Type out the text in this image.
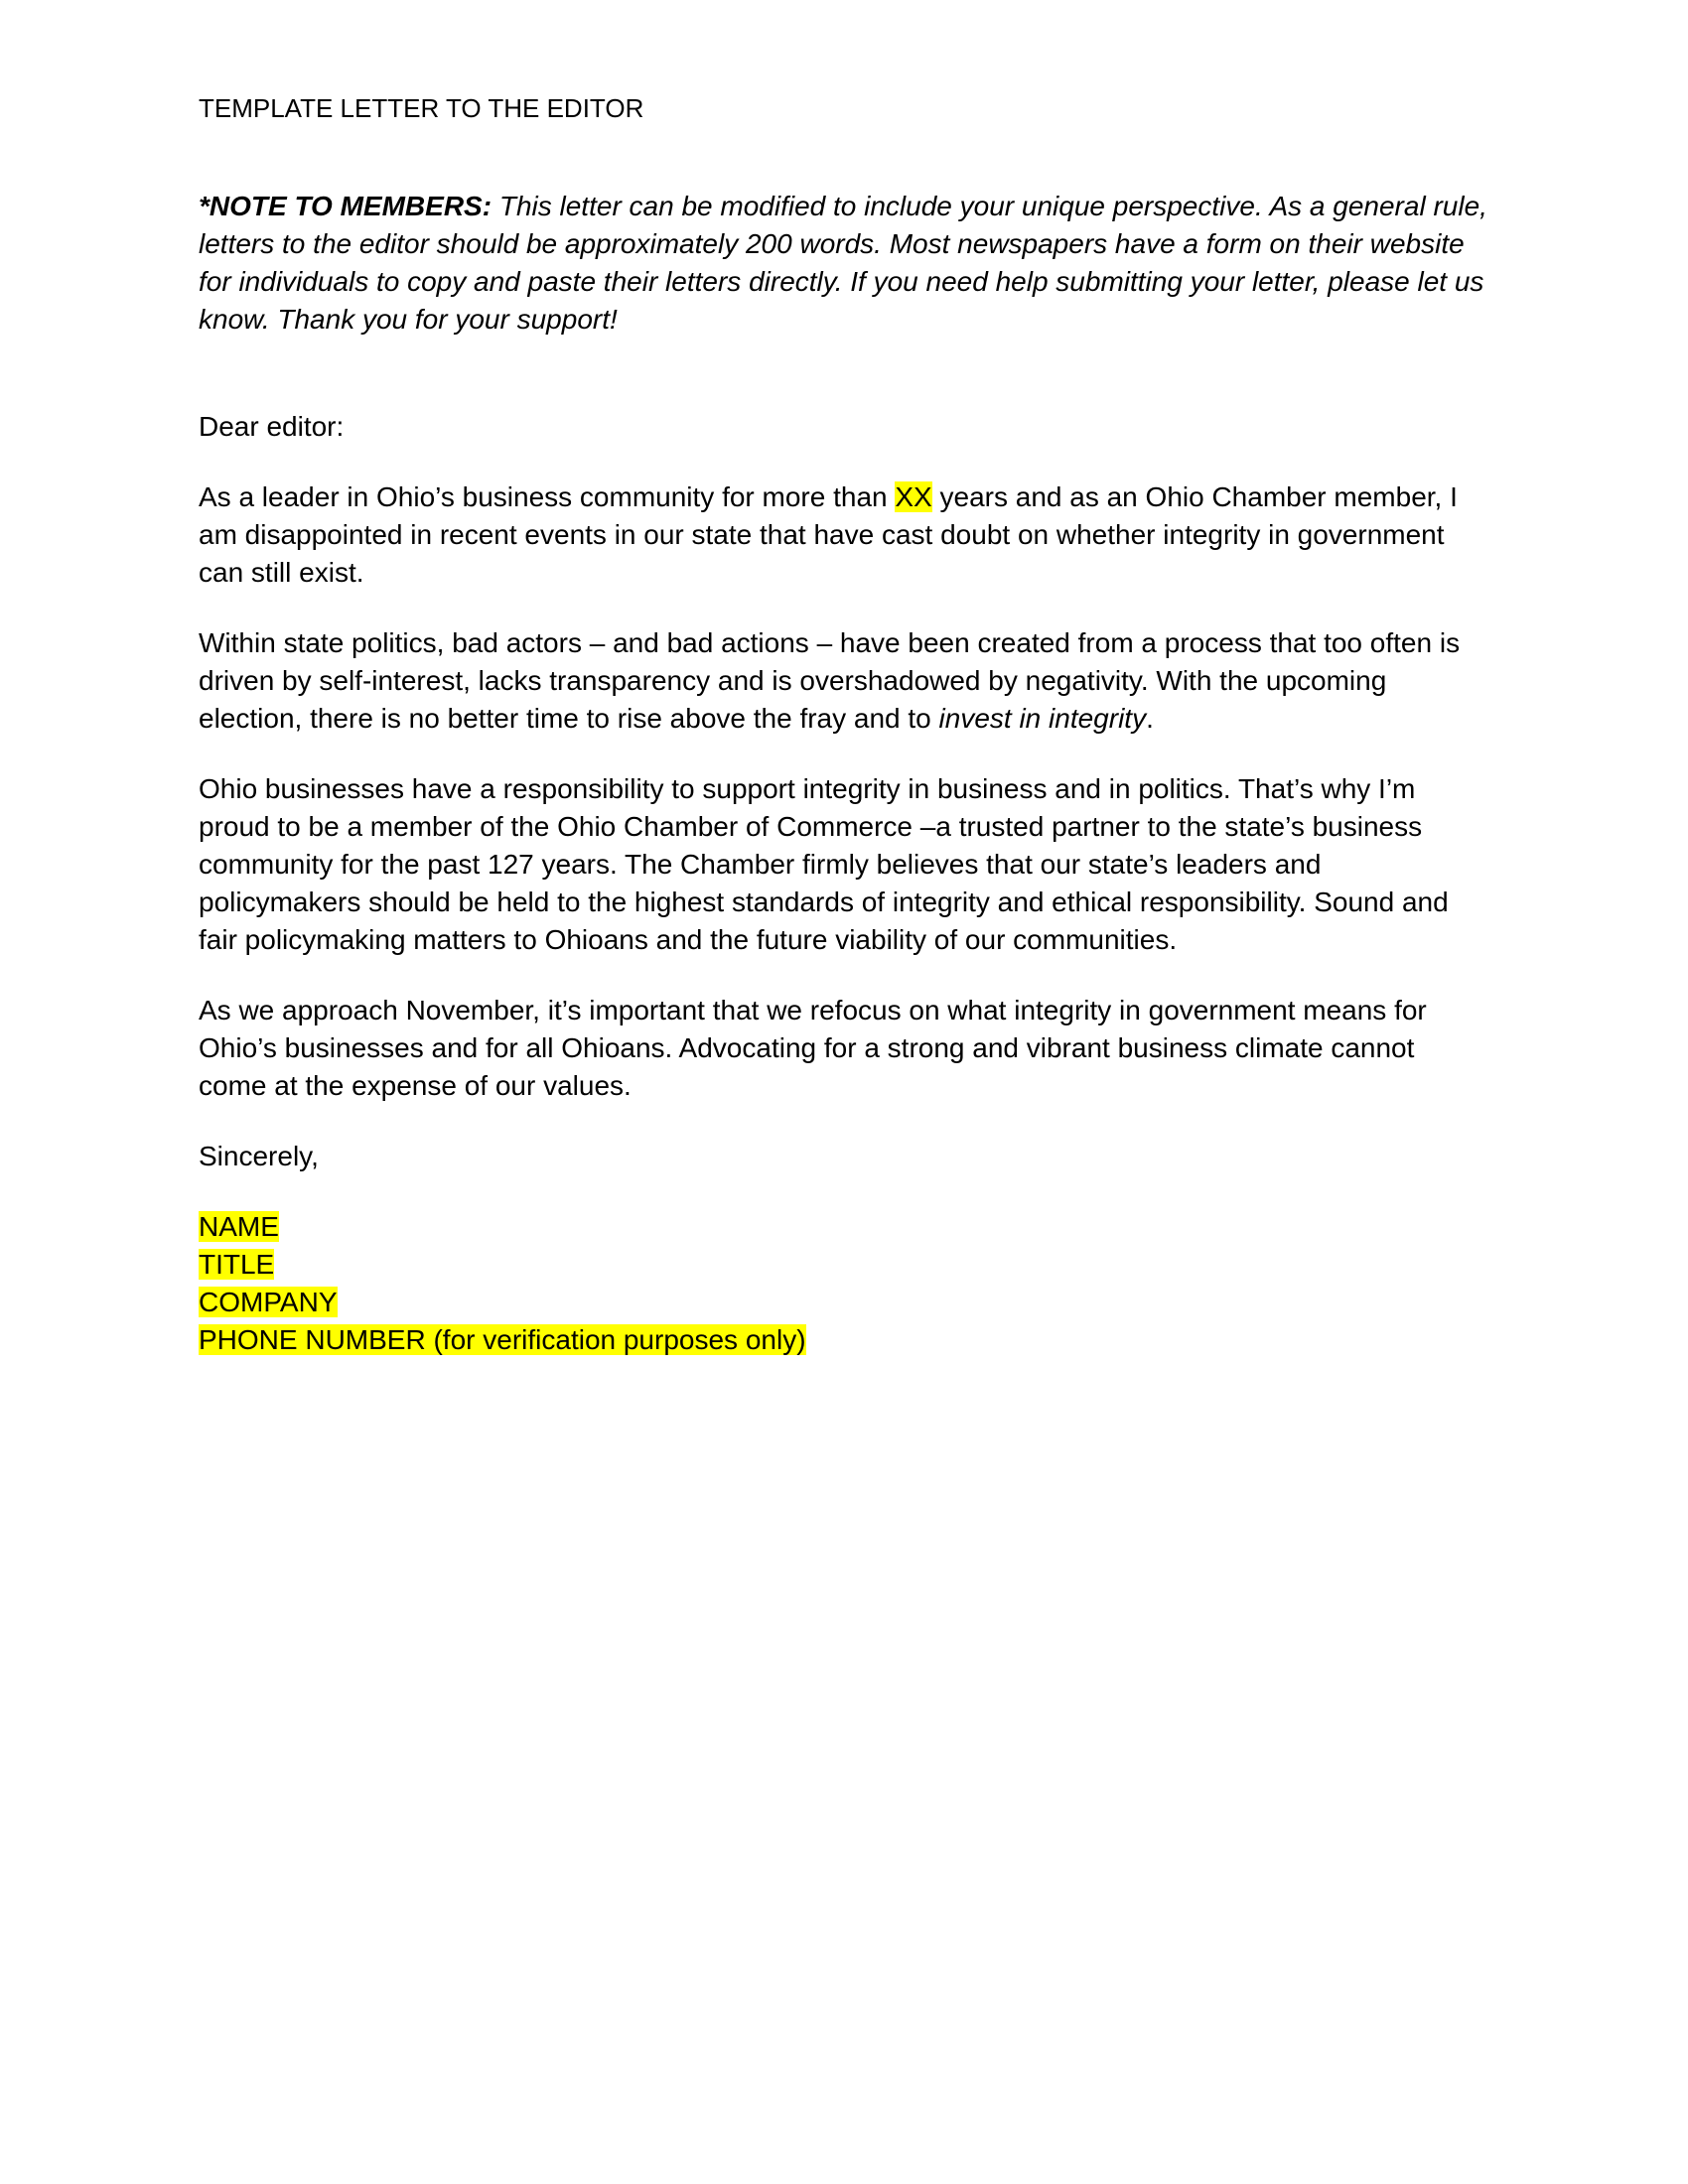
TEMPLATE LETTER TO THE EDITOR

*NOTE TO MEMBERS: This letter can be modified to include your unique perspective. As a general rule, letters to the editor should be approximately 200 words. Most newspapers have a form on their website for individuals to copy and paste their letters directly. If you need help submitting your letter, please let us know. Thank you for your support!

Dear editor:

As a leader in Ohio’s business community for more than XX years and as an Ohio Chamber member, I am disappointed in recent events in our state that have cast doubt on whether integrity in government can still exist.

Within state politics, bad actors – and bad actions – have been created from a process that too often is driven by self-interest, lacks transparency and is overshadowed by negativity. With the upcoming election, there is no better time to rise above the fray and to invest in integrity.

Ohio businesses have a responsibility to support integrity in business and in politics. That’s why I’m proud to be a member of the Ohio Chamber of Commerce –a trusted partner to the state’s business community for the past 127 years. The Chamber firmly believes that our state’s leaders and policymakers should be held to the highest standards of integrity and ethical responsibility. Sound and fair policymaking matters to Ohioans and the future viability of our communities.

As we approach November, it’s important that we refocus on what integrity in government means for Ohio’s businesses and for all Ohioans. Advocating for a strong and vibrant business climate cannot come at the expense of our values.

Sincerely,

NAME
TITLE
COMPANY
PHONE NUMBER (for verification purposes only)
